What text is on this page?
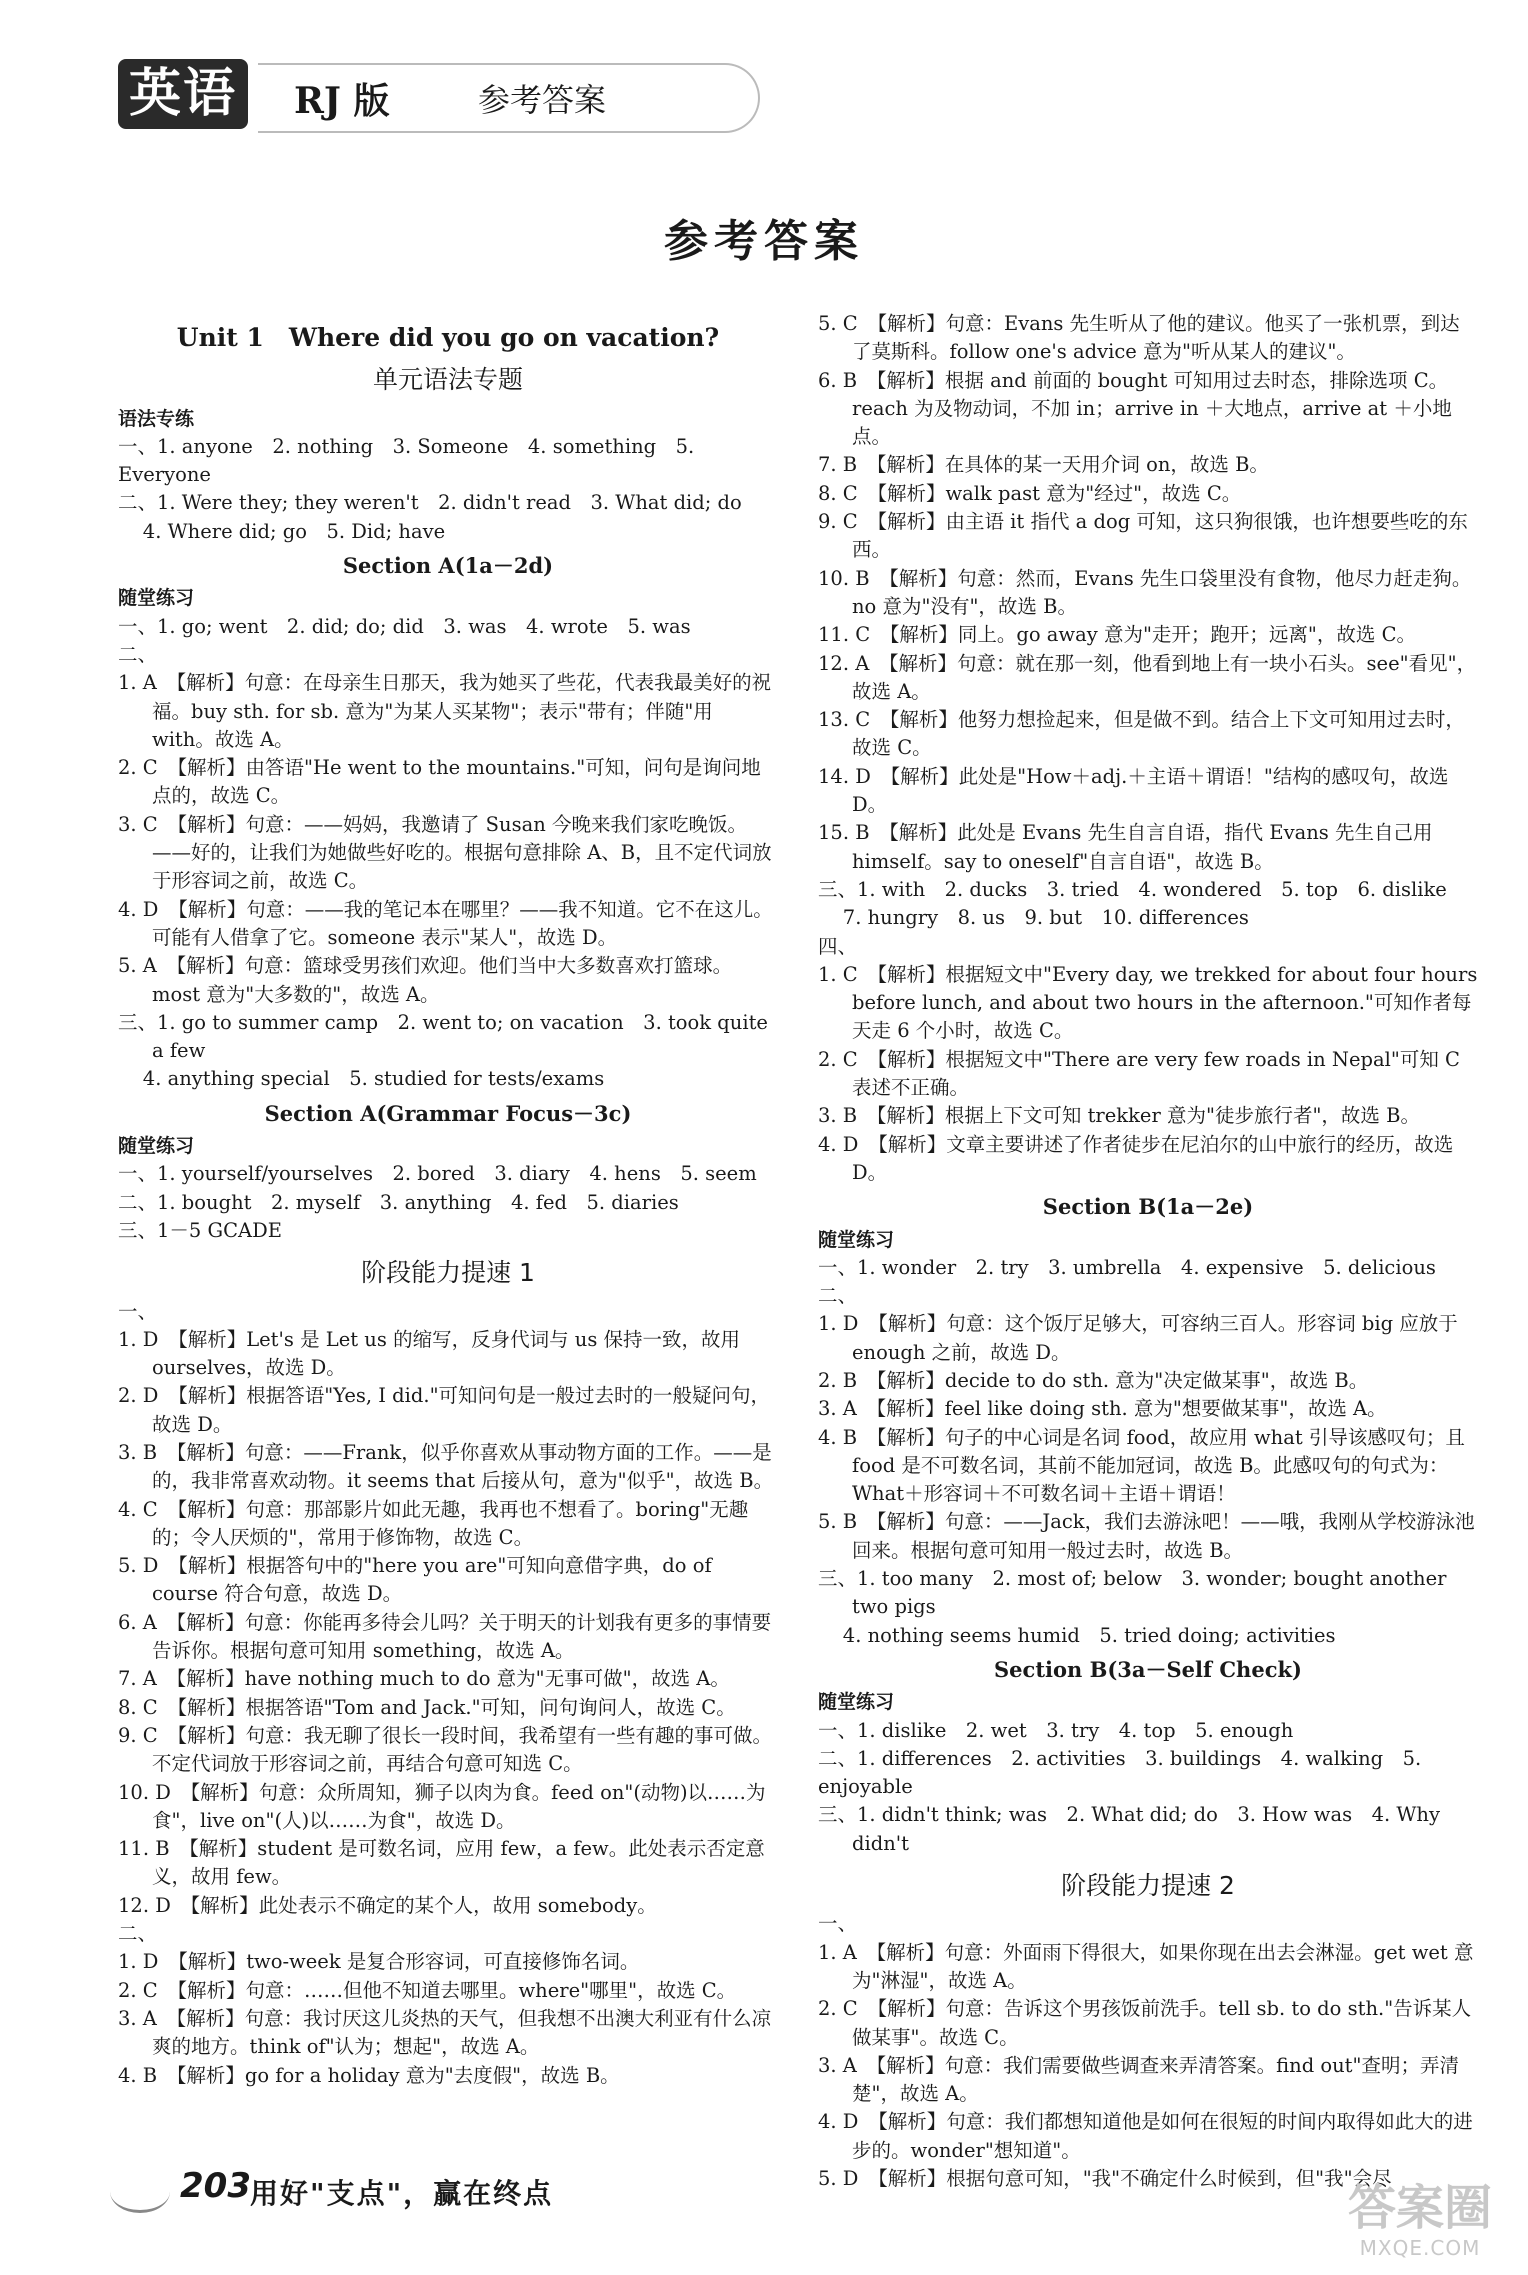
英语	RJ 版	参考答案
参考答案

Unit 1　Where did you go on vacation?

单元语法专题

语法专练

一、1. anyone　2. nothing　3. Someone　4. something　5. Everyone

二、1. Were they; they weren't　2. didn't read　3. What did; do

4. Where did; go　5. Did; have

Section A(1a－2d)

随堂练习

一、1. go; went　2. did; do; did　3. was　4. wrote　5. was

二、

1. A　【解析】句意：在母亲生日那天，我为她买了些花，代表我最美好的祝福。buy sth. for sb. 意为"为某人买某物"；表示"带有；伴随"用 with。故选 A。

2. C　【解析】由答语"He went to the mountains."可知，问句是询问地点的，故选 C。

3. C　【解析】句意：——妈妈，我邀请了 Susan 今晚来我们家吃晚饭。——好的，让我们为她做些好吃的。根据句意排除 A、B，且不定代词放于形容词之前，故选 C。

4. D　【解析】句意：——我的笔记本在哪里？——我不知道。它不在这儿。可能有人借拿了它。someone 表示"某人"，故选 D。

5. A　【解析】句意：篮球受男孩们欢迎。他们当中大多数喜欢打篮球。most 意为"大多数的"，故选 A。

三、1. go to summer camp　2. went to; on vacation　3. took quite a few

4. anything special　5. studied for tests/exams

Section A(Grammar Focus－3c)

随堂练习

一、1. yourself/yourselves　2. bored　3. diary　4. hens　5. seem

二、1. bought　2. myself　3. anything　4. fed　5. diaries

三、1－5 GCADE

阶段能力提速 1

一、

1. D　【解析】Let's 是 Let us 的缩写，反身代词与 us 保持一致，故用 ourselves，故选 D。

2. D　【解析】根据答语"Yes, I did."可知问句是一般过去时的一般疑问句，故选 D。

3. B　【解析】句意：——Frank，似乎你喜欢从事动物方面的工作。——是的，我非常喜欢动物。it seems that 后接从句，意为"似乎"，故选 B。

4. C　【解析】句意：那部影片如此无趣，我再也不想看了。boring"无趣的；令人厌烦的"，常用于修饰物，故选 C。

5. D　【解析】根据答句中的"here you are"可知向意借字典，do of course 符合句意，故选 D。

6. A　【解析】句意：你能再多待会儿吗？关于明天的计划我有更多的事情要告诉你。根据句意可知用 something，故选 A。

7. A　【解析】have nothing much to do 意为"无事可做"，故选 A。

8. C　【解析】根据答语"Tom and Jack."可知，问句询问人，故选 C。

9. C　【解析】句意：我无聊了很长一段时间，我希望有一些有趣的事可做。不定代词放于形容词之前，再结合句意可知选 C。

10. D　【解析】句意：众所周知，狮子以肉为食。feed on"(动物)以……为食"，live on"(人)以……为食"，故选 D。

11. B　【解析】student 是可数名词，应用 few，a few。此处表示否定意义，故用 few。

12. D　【解析】此处表示不确定的某个人，故用 somebody。

二、

1. D　【解析】two-week 是复合形容词，可直接修饰名词。

2. C　【解析】句意：……但他不知道去哪里。where"哪里"，故选 C。

3. A　【解析】句意：我讨厌这儿炎热的天气，但我想不出澳大利亚有什么凉爽的地方。think of"认为；想起"，故选 A。

4. B　【解析】go for a holiday 意为"去度假"，故选 B。

5. C　【解析】句意：Evans 先生听从了他的建议。他买了一张机票，到达了莫斯科。follow one's advice 意为"听从某人的建议"。

6. B　【解析】根据 and 前面的 bought 可知用过去时态，排除选项 C。reach 为及物动词，不加 in；arrive in ＋大地点，arrive at ＋小地点。

7. B　【解析】在具体的某一天用介词 on，故选 B。

8. C　【解析】walk past 意为"经过"，故选 C。

9. C　【解析】由主语 it 指代 a dog 可知，这只狗很饿，也许想要些吃的东西。

10. B　【解析】句意：然而，Evans 先生口袋里没有食物，他尽力赶走狗。no 意为"没有"，故选 B。

11. C　【解析】同上。go away 意为"走开；跑开；远离"，故选 C。

12. A　【解析】句意：就在那一刻，他看到地上有一块小石头。see"看见"，故选 A。

13. C　【解析】他努力想捡起来，但是做不到。结合上下文可知用过去时，故选 C。

14. D　【解析】此处是"How＋adj.＋主语＋谓语！"结构的感叹句，故选 D。

15. B　【解析】此处是 Evans 先生自言自语，指代 Evans 先生自己用 himself。say to oneself"自言自语"，故选 B。

三、1. with　2. ducks　3. tried　4. wondered　5. top　6. dislike

7. hungry　8. us　9. but　10. differences

四、

1. C　【解析】根据短文中"Every day, we trekked for about four hours before lunch, and about two hours in the afternoon."可知作者每天走 6 个小时，故选 C。

2. C　【解析】根据短文中"There are very few roads in Nepal"可知 C 表述不正确。

3. B　【解析】根据上下文可知 trekker 意为"徒步旅行者"，故选 B。

4. D　【解析】文章主要讲述了作者徒步在尼泊尔的山中旅行的经历，故选 D。

Section B(1a－2e)

随堂练习

一、1. wonder　2. try　3. umbrella　4. expensive　5. delicious

二、

1. D　【解析】句意：这个饭厅足够大，可容纳三百人。形容词 big 应放于 enough 之前，故选 D。

2. B　【解析】decide to do sth. 意为"决定做某事"，故选 B。

3. A　【解析】feel like doing sth. 意为"想要做某事"，故选 A。

4. B　【解析】句子的中心词是名词 food，故应用 what 引导该感叹句；且 food 是不可数名词，其前不能加冠词，故选 B。此感叹句的句式为：What＋形容词＋不可数名词＋主语＋谓语！

5. B　【解析】句意：——Jack，我们去游泳吧！——哦，我刚从学校游泳池回来。根据句意可知用一般过去时，故选 B。

三、1. too many　2. most of; below　3. wonder; bought another two pigs

4. nothing seems humid　5. tried doing; activities

Section B(3a－Self Check)

随堂练习

一、1. dislike　2. wet　3. try　4. top　5. enough

二、1. differences　2. activities　3. buildings　4. walking　5. enjoyable

三、1. didn't think; was　2. What did; do　3. How was　4. Why didn't

阶段能力提速 2

一、

1. A　【解析】句意：外面雨下得很大，如果你现在出去会淋湿。get wet 意为"淋湿"，故选 A。

2. C　【解析】句意：告诉这个男孩饭前洗手。tell sb. to do sth."告诉某人做某事"。故选 C。

3. A　【解析】句意：我们需要做些调查来弄清答案。find out"查明；弄清楚"，故选 A。

4. D　【解析】句意：我们都想知道他是如何在很短的时间内取得如此大的进步的。wonder"想知道"。

5. D　【解析】根据句意可知，"我"不确定什么时候到，但"我"会尽

203 用好"支点"，赢在终点	答案圈
MXQE.COM
